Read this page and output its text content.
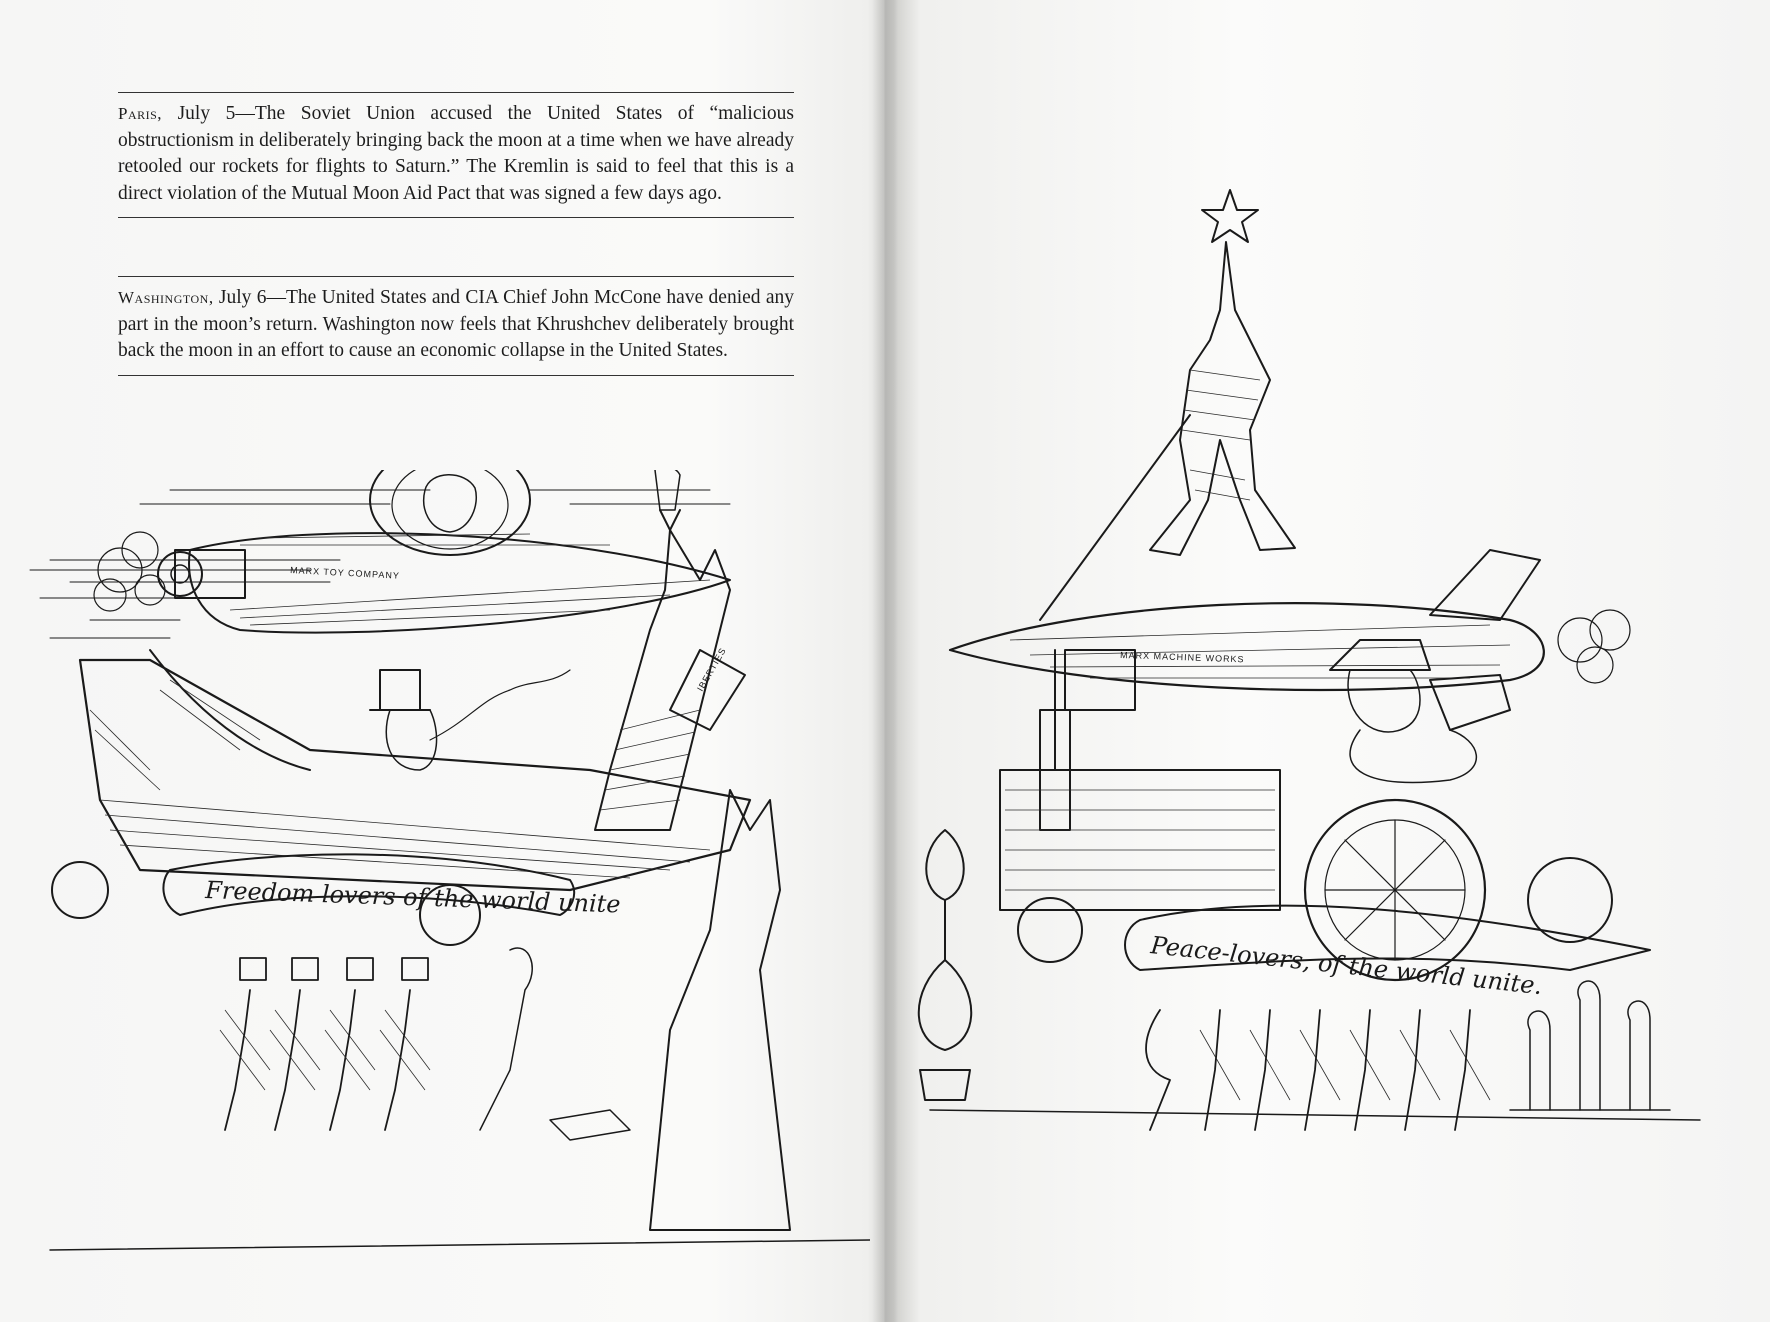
Paris, July 5—The Soviet Union accused the United States of “malicious obstructionism in deliberately bringing back the moon at a time when we have already retooled our rockets for flights to Saturn.” The Kremlin is said to feel that this is a direct violation of the Mutual Moon Aid Pact that was signed a few days ago.
Washington, July 6—The United States and CIA Chief John McCone have denied any part in the moon’s return. Washington now feels that Khrushchev deliberately brought back the moon in an effort to cause an economic collapse in the United States.
MARX TOY COMPANY
IBERTIES
Freedom lovers of the world unite
MARX MACHINE WORKS
Peace-lovers, of the world unite.
